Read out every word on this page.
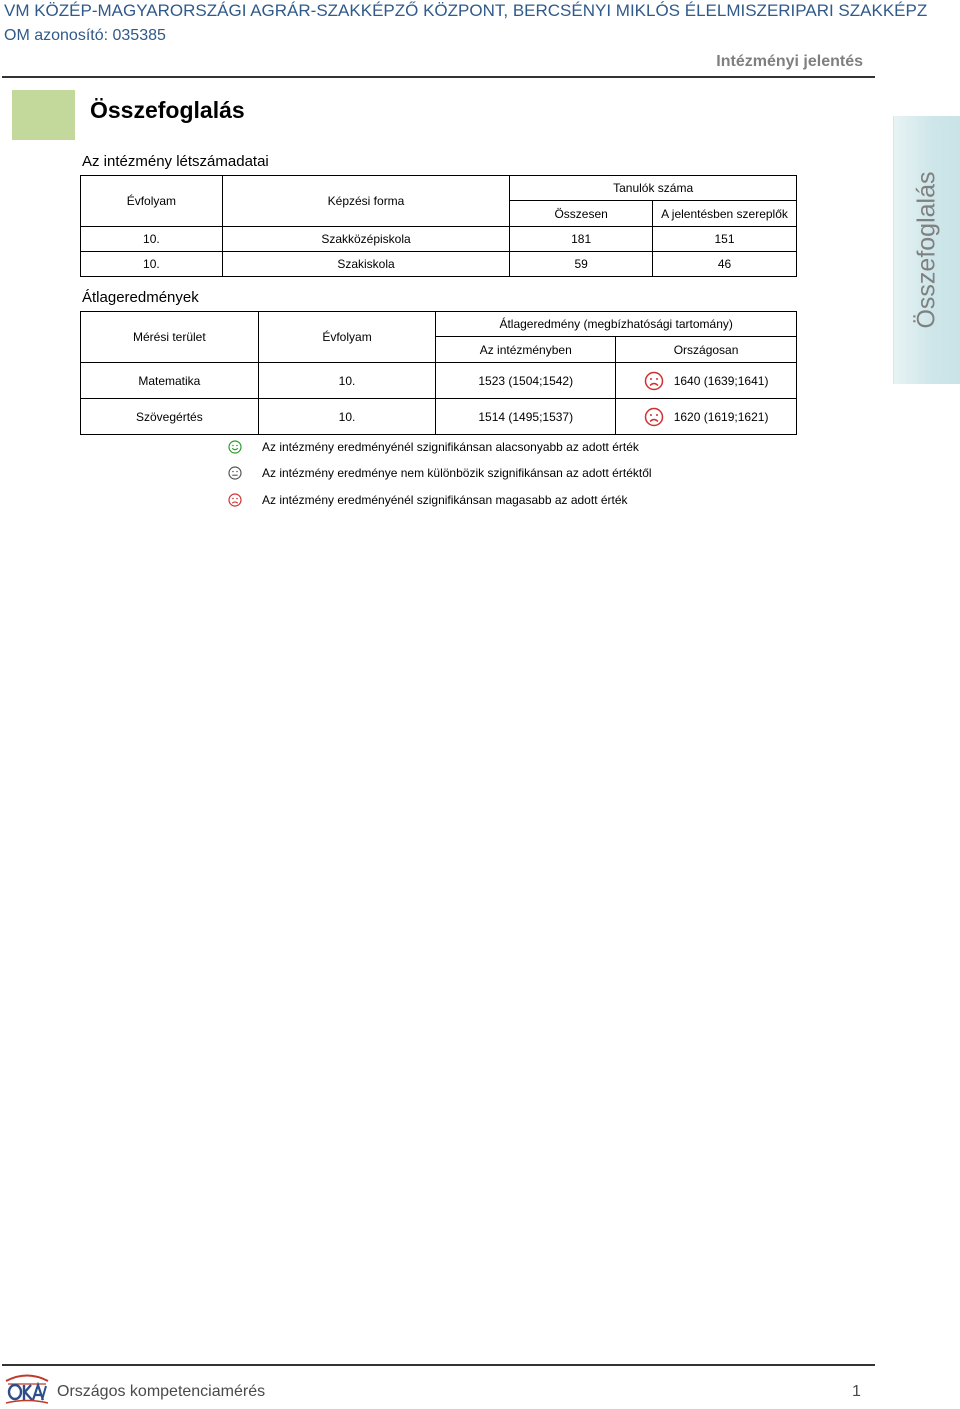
VM KÖZÉP-MAGYARORSZÁGI AGRÁR-SZAKKÉPZŐ KÖZPONT, BERCSÉNYI MIKLÓS ÉLELMISZERIPARI SZAKKÉPZ
OM azonosító: 035385
Intézményi jelentés
Összefoglalás
Összefoglalás
Az intézmény létszámadatai
Évfolyam	Képzési forma	Tanulók száma	
		Összesen	A jelentésben szereplők
10.	Szakközépiskola	181	151
10.	Szakiskola	59	46
Átlageredmények
Mérési terület	Évfolyam	Átlageredmény (megbízhatósági tartomány)	
		Az intézményben	Országosan
Matematika	10.	1523 (1504;1542)	1640 (1639;1641)

Szövegértés	10.	1514 (1495;1537)	1620 (1619;1621)
Az intézmény eredményénél szignifikánsan alacsonyabb az adott érték
Az intézmény eredménye nem különbözik szignifikánsan az adott értéktől
Az intézmény eredményénél szignifikánsan magasabb az adott érték
Országos kompetenciamérés	1
